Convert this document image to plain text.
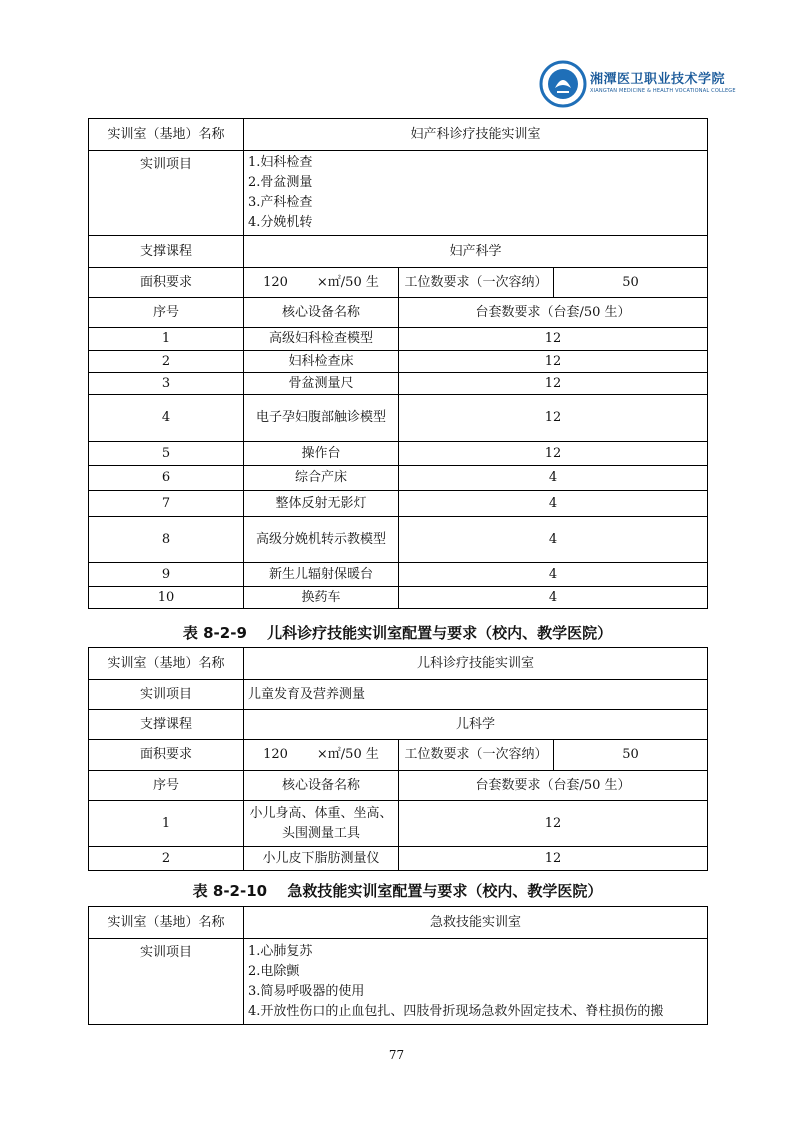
湘潭医卫职业技术学院
XIANGTAN MEDICINE & HEALTH VOCATIONAL COLLEGE
实训室（基地）名称	妇产科诊疗技能实训室		
实训项目	1.妇科检查
2.骨盆测量
3.产科检查
4.分娩机转		

支撑课程	妇产科学		
面积要求	120 ×㎡/50 生	工位数要求（一次容纳）	50
序号	核心设备名称	台套数要求（台套/50 生）	
1	高级妇科检查模型	12	
2	妇科检查床	12	
3	骨盆测量尺	12	
4	电子孕妇腹部触诊模型	12	
5	操作台	12	
6	综合产床	4	
7	整体反射无影灯	4	
8	高级分娩机转示教模型	4	
9	新生儿辐射保暖台	4	
10	换药车	4	
表 8-2-9　 儿科诊疗技能实训室配置与要求（校内、教学医院）
实训室（基地）名称	儿科诊疗技能实训室		
实训项目	儿童发育及营养测量		
支撑课程	儿科学		
面积要求	120 ×㎡/50 生	工位数要求（一次容纳）	50
序号	核心设备名称	台套数要求（台套/50 生）	
1	小儿身高、体重、坐高、头围测量工具	12	
2	小儿皮下脂肪测量仪	12	
表 8-2-10　 急救技能实训室配置与要求（校内、教学医院）
实训室（基地）名称	急救技能实训室
实训项目	1.心肺复苏
2.电除颤
3.简易呼吸器的使用
4.开放性伤口的止血包扎、四肢骨折现场急救外固定技术、脊柱损伤的搬
77
